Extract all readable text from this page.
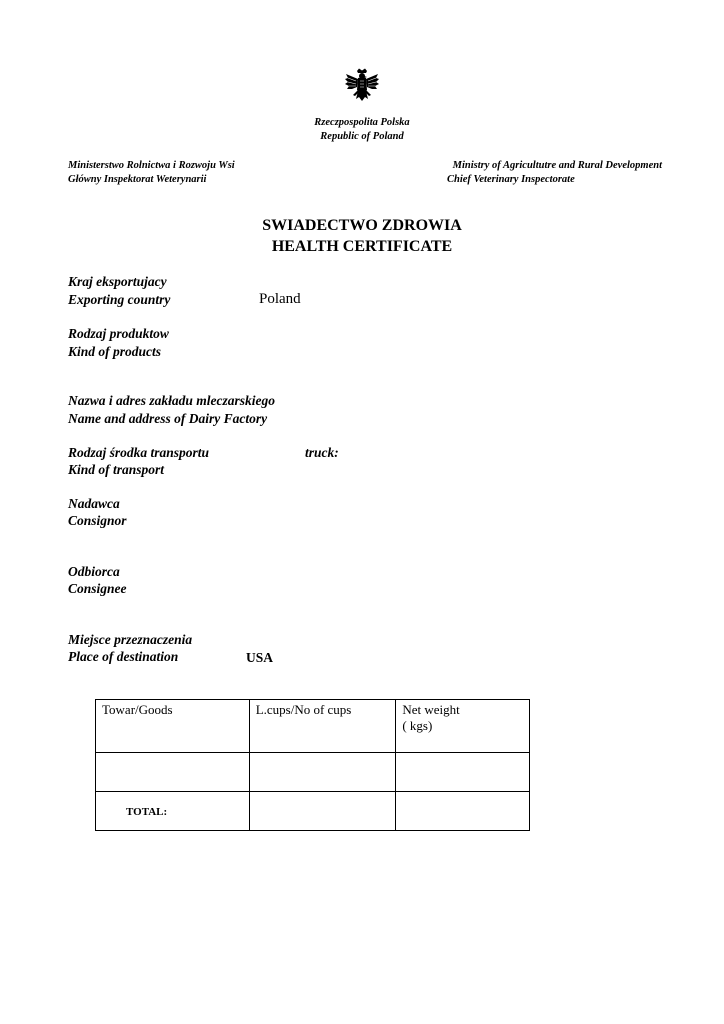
Rzeczpospolita Polska
Republic of Poland
Ministerstwo Rolnictwa i Rozwoju Wsi
Główny Inspektorat Weterynarii
Ministry of Agricultutre and Rural Development
Chief Veterinary Inspectorate
SWIADECTWO ZDROWIA
HEALTH CERTIFICATE
Kraj eksportujacy
Exporting country	Poland
Rodzaj produktow
Kind of products
Nazwa i adres zakładu mleczarskiego
Name and address of Dairy Factory
Rodzaj środka transportu
Kind of transport
truck:
Nadawca
Consignor
Odbiorca
Consignee
Miejsce przeznaczenia
Place of destination	USA
Towar/Goods	L.cups/No of cups	Net weight
( kgs)

TOTAL:		
